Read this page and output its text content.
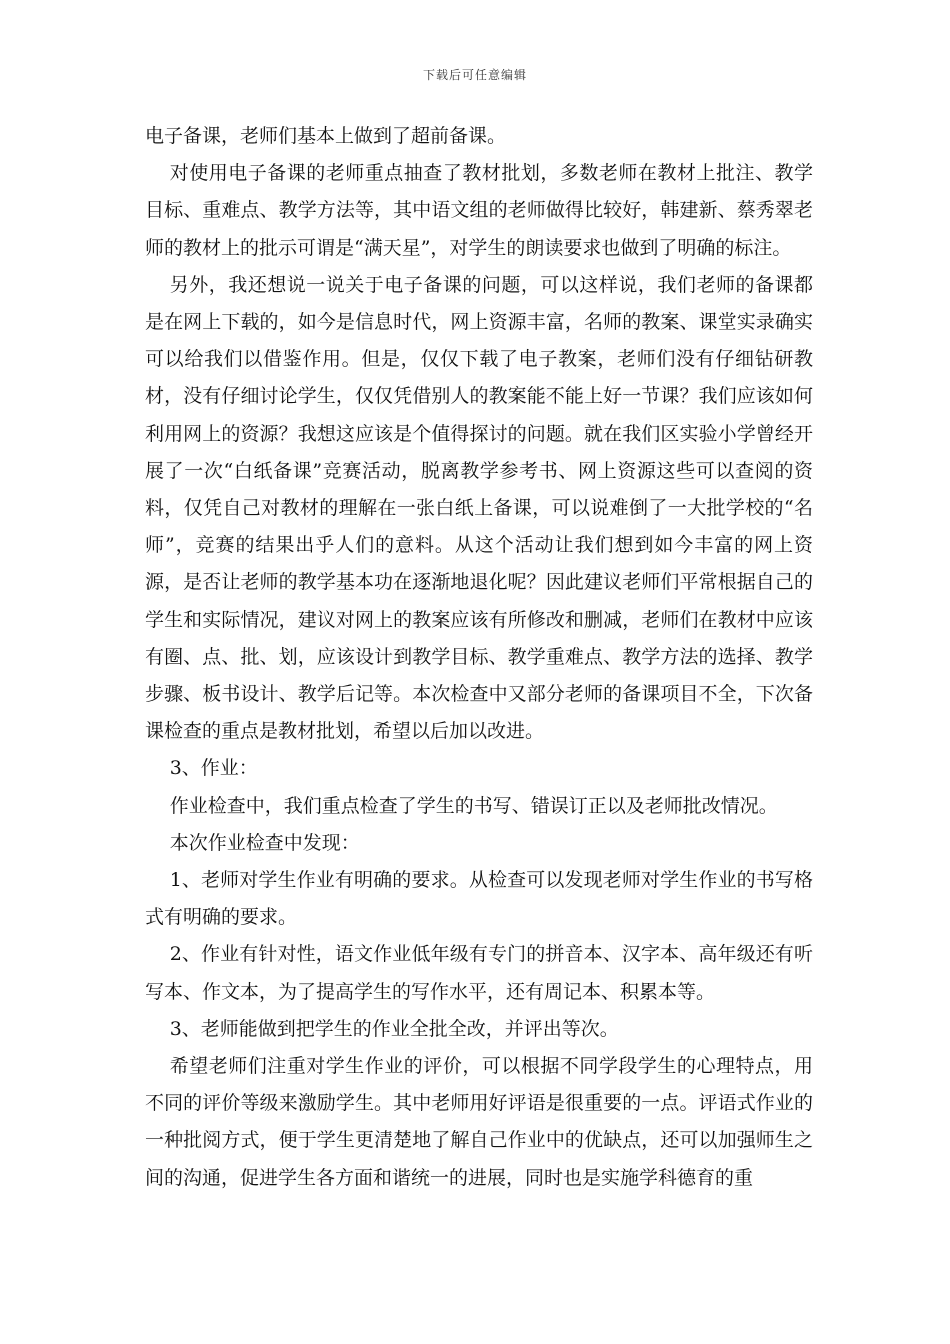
下载后可任意编辑

电子备课，老师们基本上做到了超前备课。

对使用电子备课的老师重点抽查了教材批划，多数老师在教材上批注、教学目标、重难点、教学方法等，其中语文组的老师做得比较好，韩建新、蔡秀翠老师的教材上的批示可谓是“满天星”，对学生的朗读要求也做到了明确的标注。

另外，我还想说一说关于电子备课的问题，可以这样说，我们老师的备课都是在网上下载的，如今是信息时代，网上资源丰富，名师的教案、课堂实录确实可以给我们以借鉴作用。但是，仅仅下载了电子教案，老师们没有仔细钻研教材，没有仔细讨论学生，仅仅凭借别人的教案能不能上好一节课？我们应该如何利用网上的资源？我想这应该是个值得探讨的问题。就在我们区实验小学曾经开展了一次“白纸备课”竞赛活动，脱离教学参考书、网上资源这些可以查阅的资料，仅凭自己对教材的理解在一张白纸上备课，可以说难倒了一大批学校的“名师”，竞赛的结果出乎人们的意料。从这个活动让我们想到如今丰富的网上资源，是否让老师的教学基本功在逐渐地退化呢？因此建议老师们平常根据自己的学生和实际情况，建议对网上的教案应该有所修改和删减，老师们在教材中应该有圈、点、批、划，应该设计到教学目标、教学重难点、教学方法的选择、教学步骤、板书设计、教学后记等。本次检查中又部分老师的备课项目不全，下次备课检查的重点是教材批划，希望以后加以改进。

3、作业：

作业检查中，我们重点检查了学生的书写、错误订正以及老师批改情况。

本次作业检查中发现：

1、老师对学生作业有明确的要求。从检查可以发现老师对学生作业的书写格式有明确的要求。

2、作业有针对性，语文作业低年级有专门的拼音本、汉字本、高年级还有听写本、作文本，为了提高学生的写作水平，还有周记本、积累本等。

3、老师能做到把学生的作业全批全改，并评出等次。

希望老师们注重对学生作业的评价，可以根据不同学段学生的心理特点，用不同的评价等级来激励学生。其中老师用好评语是很重要的一点。评语式作业的一种批阅方式，便于学生更清楚地了解自己作业中的优缺点，还可以加强师生之间的沟通，促进学生各方面和谐统一的进展，同时也是实施学科德育的重
